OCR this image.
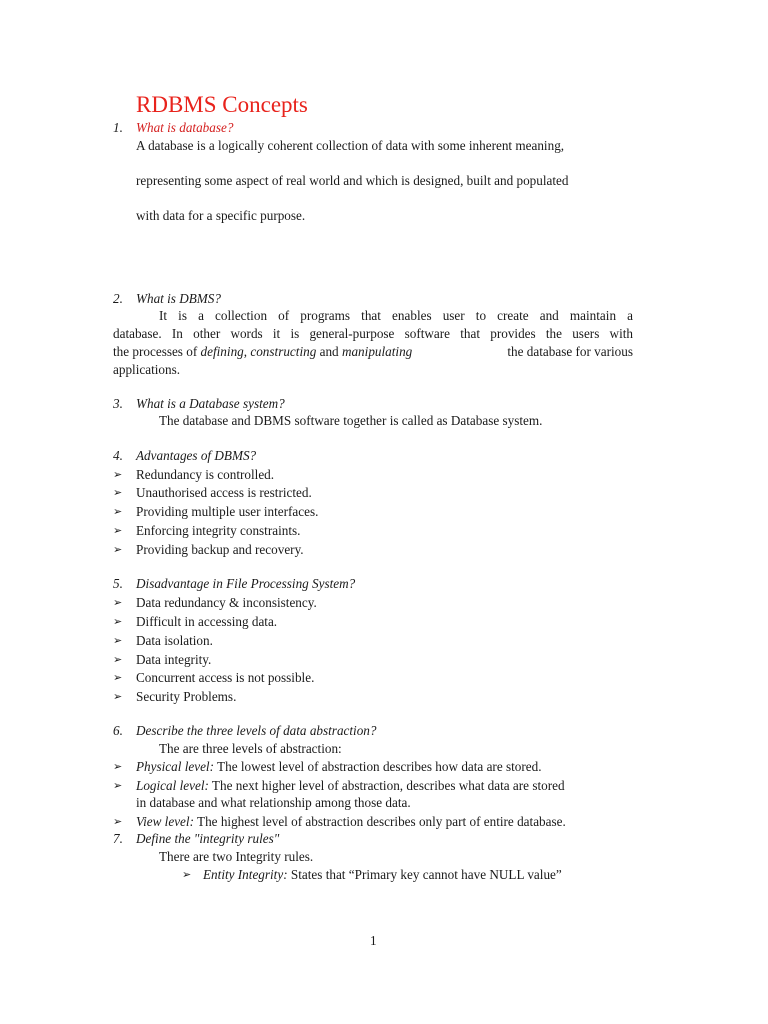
RDBMS Concepts
1. What is database?
A database is a logically coherent collection of data with some inherent meaning,
representing some aspect of real world and which is designed, built and populated
with data for a specific purpose.
2. What is DBMS?
It is a collection of programs that enables user to create and maintain a
database. In other words it is general-purpose software that provides the users with
the processes of defining, constructing and manipulating	the database for various
applications.
3. What is a Database system?
The database and DBMS software together is called as Database system.
4. Advantages of DBMS?
➢ Redundancy is controlled.
➢ Unauthorised access is restricted.
➢ Providing multiple user interfaces.
➢ Enforcing integrity constraints.
➢ Providing backup and recovery.
5. Disadvantage in File Processing System?
➢ Data redundancy & inconsistency.
➢ Difficult in accessing data.
➢ Data isolation.
➢ Data integrity.
➢ Concurrent access is not possible.
➢ Security Problems.
6. Describe the three levels of data abstraction?
The are three levels of abstraction:
➢ Physical level: The lowest level of abstraction describes how data are stored.
➢ Logical level: The next higher level of abstraction, describes what data are stored
in database and what relationship among those data.
➢ View level: The highest level of abstraction describes only part of entire database.
7. Define the "integrity rules"
There are two Integrity rules.
➢ Entity Integrity: States that “Primary key cannot have NULL value”
1
